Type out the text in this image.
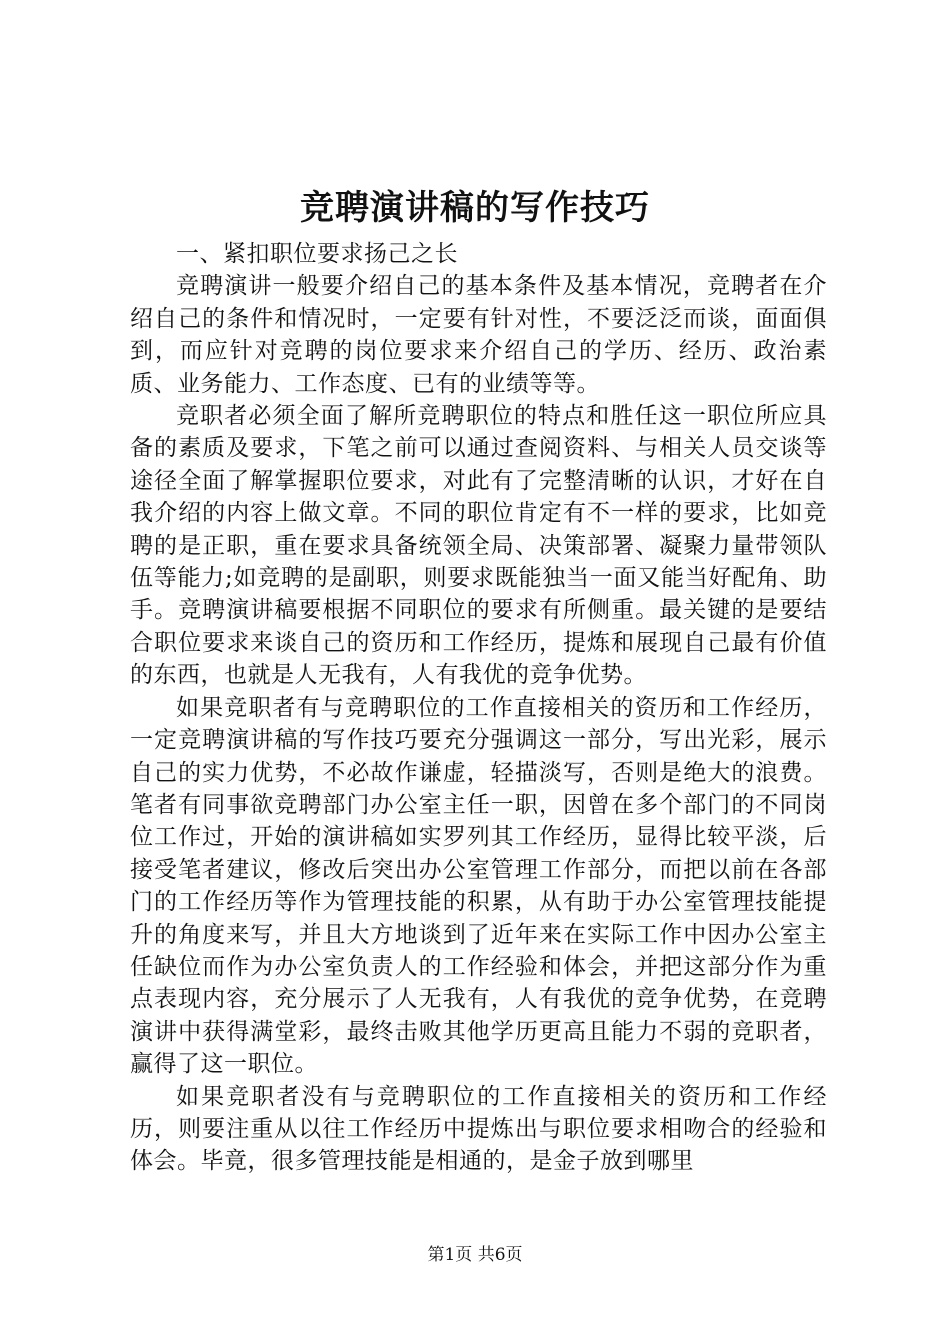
竞聘演讲稿的写作技巧

一、紧扣职位要求扬己之长

竞聘演讲一般要介绍自己的基本条件及基本情况，竞聘者在介绍自己的条件和情况时，一定要有针对性，不要泛泛而谈，面面俱到，而应针对竞聘的岗位要求来介绍自己的学历、经历、政治素质、业务能力、工作态度、已有的业绩等等。

竞职者必须全面了解所竞聘职位的特点和胜任这一职位所应具备的素质及要求，下笔之前可以通过查阅资料、与相关人员交谈等途径全面了解掌握职位要求，对此有了完整清晰的认识，才好在自我介绍的内容上做文章。不同的职位肯定有不一样的要求，比如竞聘的是正职，重在要求具备统领全局、决策部署、凝聚力量带领队伍等能力;如竞聘的是副职，则要求既能独当一面又能当好配角、助手。竞聘演讲稿要根据不同职位的要求有所侧重。最关键的是要结合职位要求来谈自己的资历和工作经历，提炼和展现自己最有价值的东西，也就是人无我有，人有我优的竞争优势。

如果竞职者有与竞聘职位的工作直接相关的资历和工作经历，一定竞聘演讲稿的写作技巧要充分强调这一部分，写出光彩，展示自己的实力优势，不必故作谦虚，轻描淡写，否则是绝大的浪费。笔者有同事欲竞聘部门办公室主任一职，因曾在多个部门的不同岗位工作过，开始的演讲稿如实罗列其工作经历，显得比较平淡，后接受笔者建议，修改后突出办公室管理工作部分，而把以前在各部门的工作经历等作为管理技能的积累，从有助于办公室管理技能提升的角度来写，并且大方地谈到了近年来在实际工作中因办公室主任缺位而作为办公室负责人的工作经验和体会，并把这部分作为重点表现内容，充分展示了人无我有，人有我优的竞争优势，在竞聘演讲中获得满堂彩，最终击败其他学历更高且能力不弱的竞职者，赢得了这一职位。

如果竞职者没有与竞聘职位的工作直接相关的资历和工作经历，则要注重从以往工作经历中提炼出与职位要求相吻合的经验和体会。毕竟，很多管理技能是相通的，是金子放到哪里

第1页 共6页
